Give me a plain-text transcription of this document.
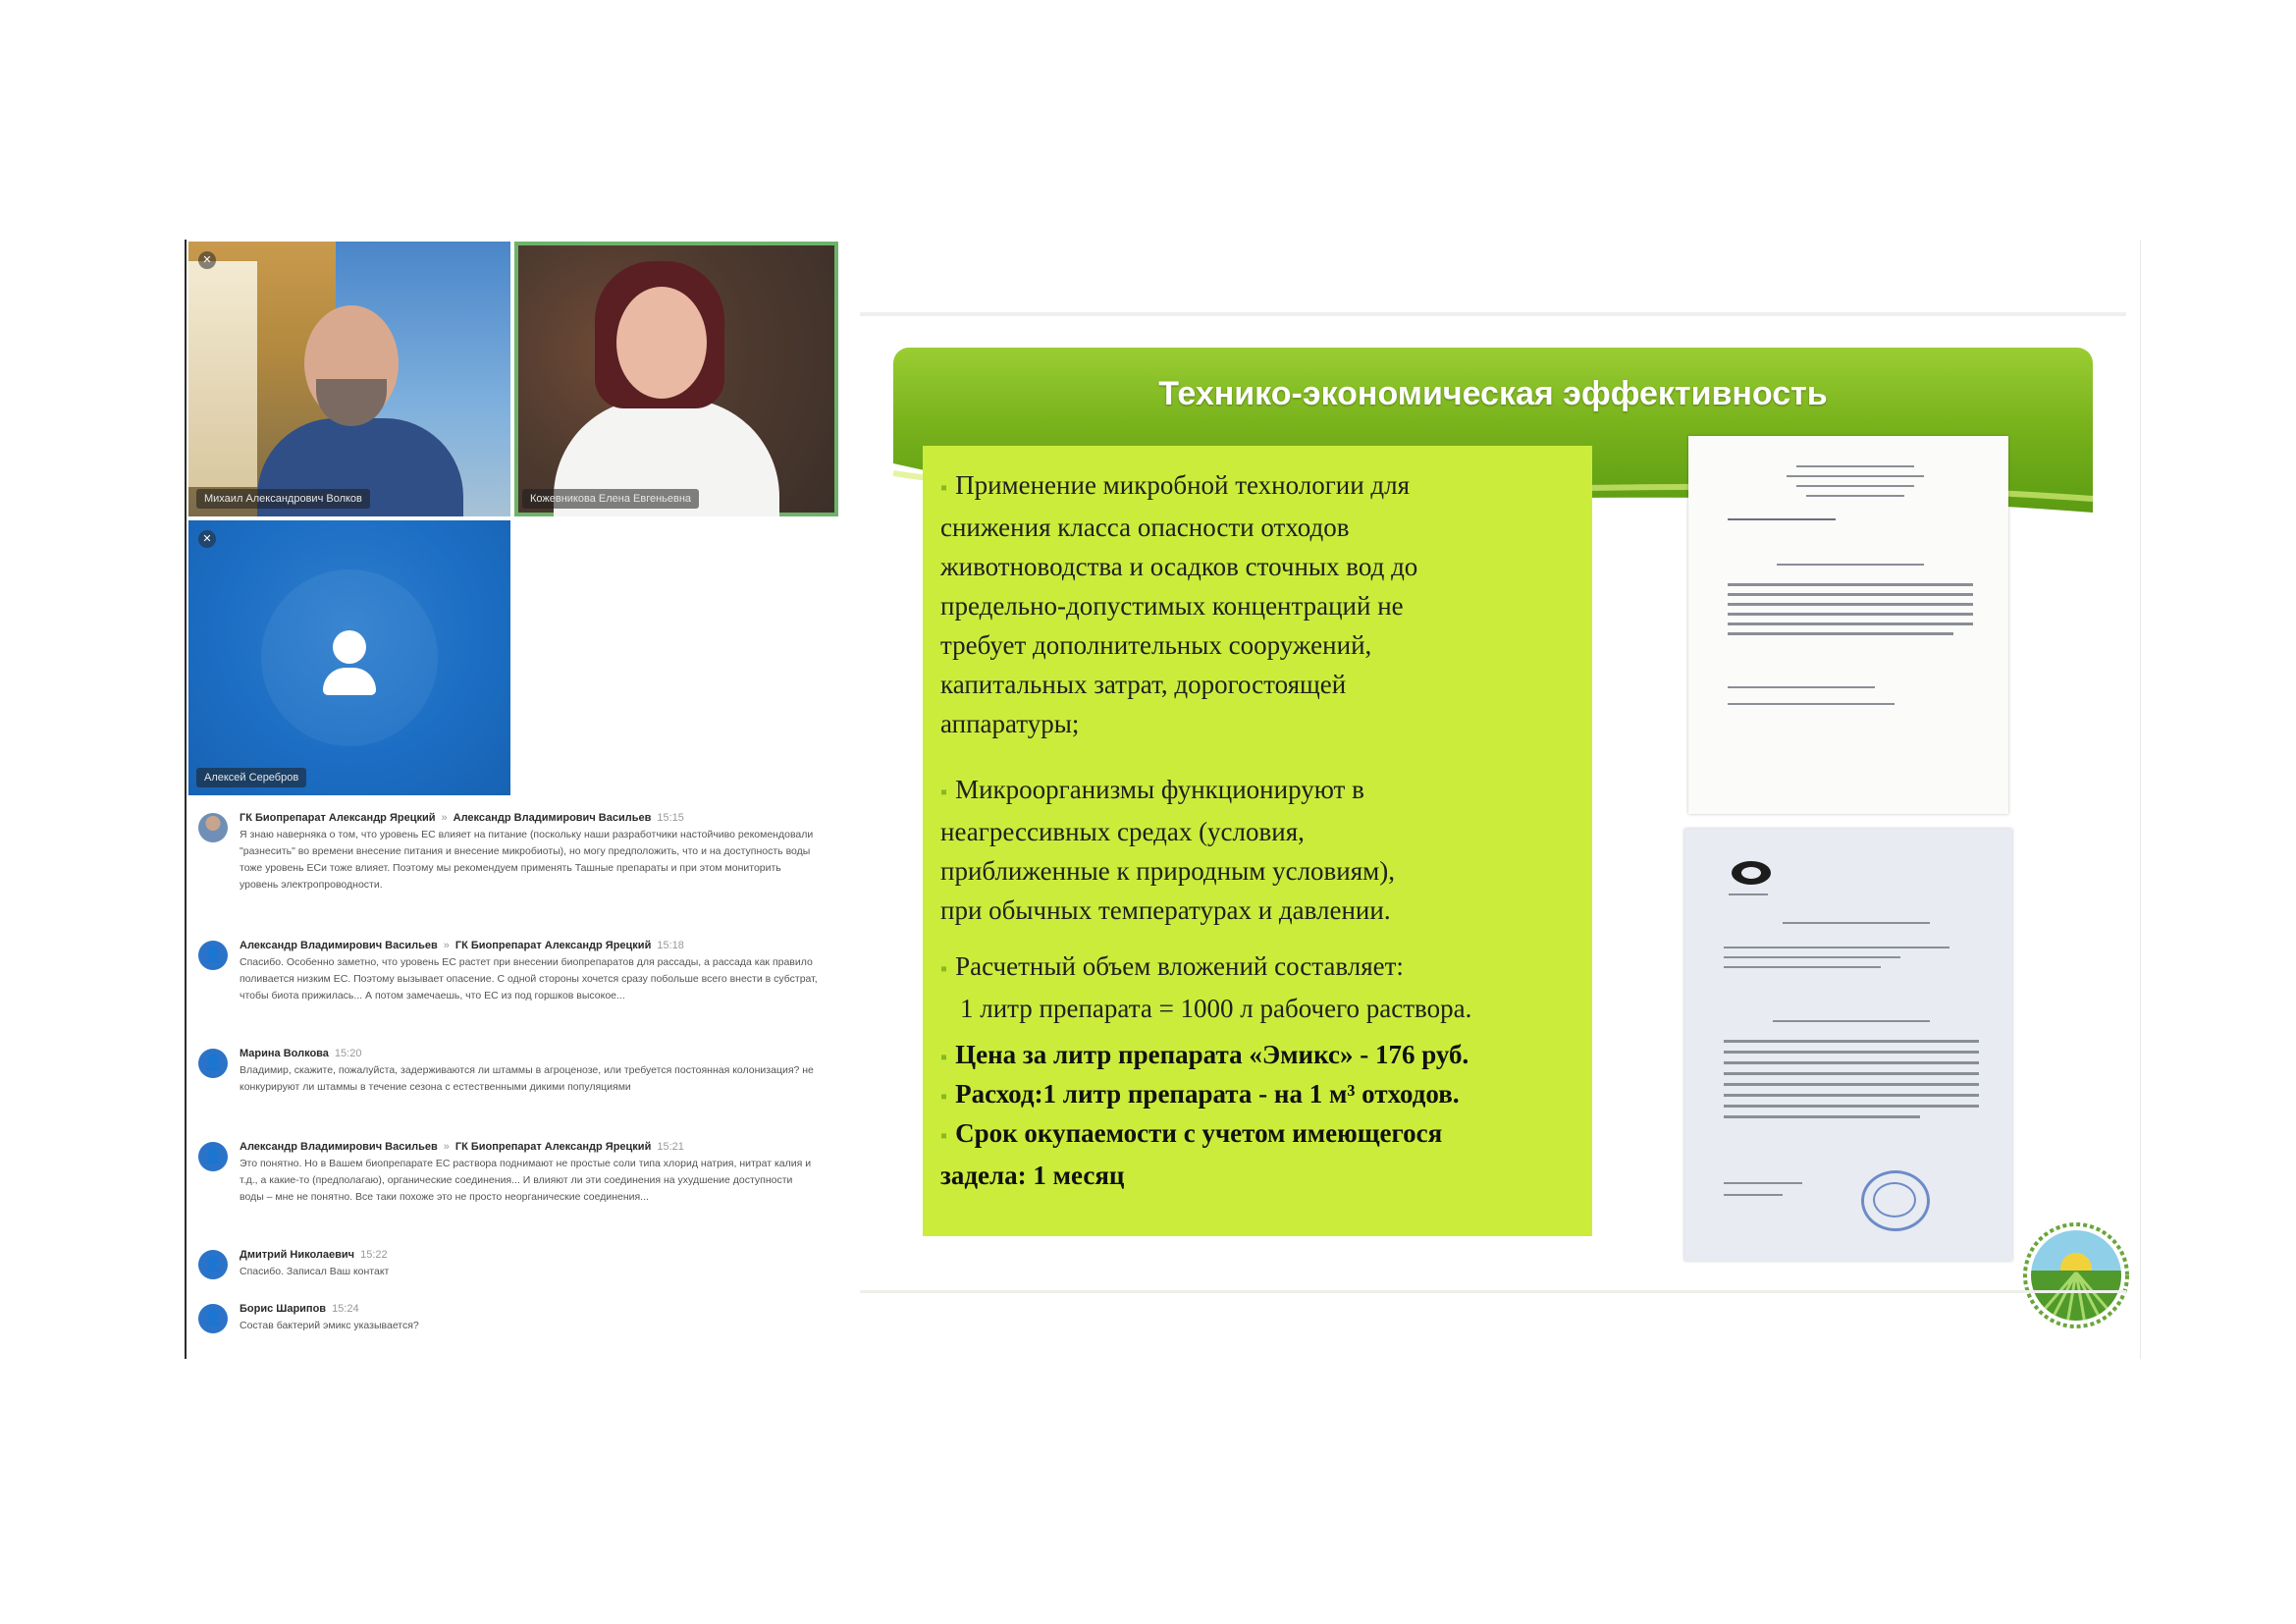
✕
Михаил Александрович Волков	Кожевникова Елена Евгеньевна
✕
Алексей Серебров
ГК Биопрепарат Александр Ярецкий » Александр Владимирович Васильев 15:15
Я знаю наверняка о том, что уровень ЕС влияет на питание (поскольку наши разработчики настойчиво рекомендовали "разнесить" во времени внесение питания и внесение микробиоты), но могу предположить, что и на доступность воды тоже уровень ЕСи тоже влияет. Поэтому мы рекомендуем применять Ташные препараты и при этом мониторить уровень электропроводности.
👤
Александр Владимирович Васильев » ГК Биопрепарат Александр Ярецкий 15:18
Спасибо. Особенно заметно, что уровень ЕС растет при внесении биопрепаратов для рассады, а рассада как правило поливается низким ЕС. Поэтому вызывает опасение. С одной стороны хочется сразу побольше всего внести в субстрат, чтобы биота прижилась... А потом замечаешь, что ЕС из под горшков высокое...
👤
Марина Волкова 15:20
Владимир, скажите, пожалуйста, задерживаются ли штаммы в агроценозе, или требуется постоянная колонизация? не конкурируют ли штаммы в течение сезона с естественными дикими популяциями
👤
Александр Владимирович Васильев » ГК Биопрепарат Александр Ярецкий 15:21
Это понятно. Но в Вашем биопрепарате ЕС раствора поднимают не простые соли типа хлорид натрия, нитрат калия и т.д., а какие-то (предполагаю), органические соединения... И влияют ли эти соединения на ухудшение доступности воды – мне не понятно. Все таки похоже это не просто неорганические соединения...
👤
Дмитрий Николаевич 15:22
Спасибо. Записал Ваш контакт
👤
Борис Шарипов 15:24
Состав бактерий эмикс указывается?
Технико-экономическая эффективность
▪ Применение микробной технологии для
снижения класса опасности отходов
животноводства и осадков сточных вод до
предельно-допустимых концентраций не
требует дополнительных сооружений,
капитальных затрат, дорогостоящей
аппаратуры;
▪ Микроорганизмы функционируют в
неагрессивных средах (условия,
приближенные к природным условиям),
при обычных температурах и давлении.
▪ Расчетный объем вложений составляет:
1 литр препарата = 1000 л рабочего раствора.
▪ Цена за литр препарата «Эмикс» - 176 руб.
▪ Расход:1 литр препарата - на 1 м³ отходов.
▪ Срок окупаемости с учетом имеющегося
задела: 1 месяц
